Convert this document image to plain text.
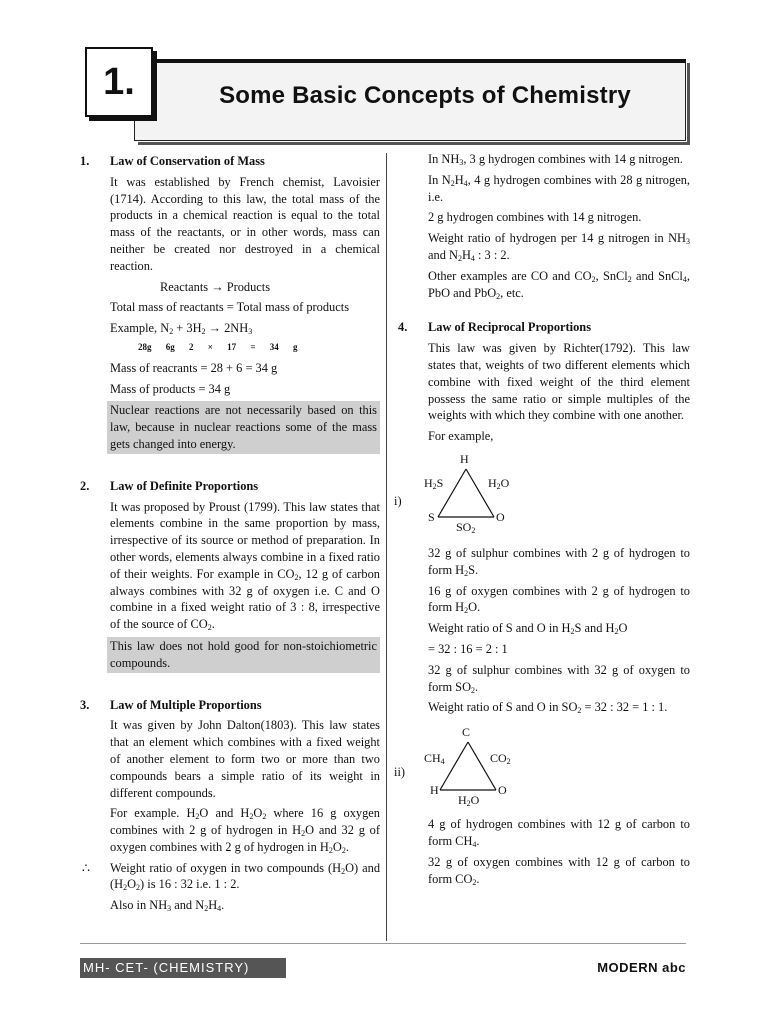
1.	Some Basic Concepts of Chemistry
1.	Law of Conservation of Mass
It was established by French chemist, Lavoisier (1714). According to this law, the total mass of the products in a chemical reaction is equal to the total mass of the reactants, or in other words, mass can neither be created nor destroyed in a chemical reaction.
Reactants → Products
Total mass of reactants = Total mass of products
Example, $N_2 + 3H_2 \to 2NH_3$
28g 6g 2 × 17 = 34 g
Mass of reacrants = 28 + 6 = 34 g
Mass of products = 34 g
Nuclear reactions are not necessarily based on this law, because in nuclear reactions some of the mass gets changed into energy.
2.	Law of Definite Proportions
It was proposed by Proust (1799). This law states that elements combine in the same proportion by mass, irrespective of its source or method of preparation. In other words, elements always combine in a fixed ratio of their weights. For example in $CO_2$, 12 g of carbon always combines with 32 g of oxygen i.e. C and O combine in a fixed weight ratio of 3 : 8, irrespective of the source of $CO_2$.
This law does not hold good for non-stoichiometric compounds.
3.	Law of Multiple Proportions
It was given by John Dalton(1803). This law states that an element which combines with a fixed weight of another element to form two or more than two compounds bears a simple ratio of its weight in different compounds.
For example. $H_2O$ and $H_2O_2$ where 16 g oxygen combines with 2 g of hydrogen in $H_2O$ and 32 g of oxygen combines with 2 g of hydrogen in $H_2O_2$.
∴	Weight ratio of oxygen in two compounds $(H_2O)$ and $(H_2O_2)$ is 16 : 32 i.e. 1 : 2.
Also in $NH_3$ and $N_2H_4$.
In $NH_3$, 3 g hydrogen combines with 14 g nitrogen.
In $N_2H_4$, 4 g hydrogen combines with 28 g nitrogen, i.e.
2 g hydrogen combines with 14 g nitrogen.
Weight ratio of hydrogen per 14 g nitrogen in $NH_3$ and $N_2H_4$ : 3 : 2.
Other examples are CO and $CO_2$, SnCl$_2$ and SnCl$_4$, PbO and PbO$_2$, etc.
4.	Law of Reciprocal Proportions
This law was given by Richter(1792). This law states that, weights of two different elements which combine with fixed weight of the third element possess the same ratio or simple multiples of the weights with which they combine with one another.
For example,
i)
H
$H_2S$	$H_2O$
S	O
$SO_2$
32 g of sulphur combines with 2 g of hydrogen to form $H_2S$.
16 g of oxygen combines with 2 g of hydrogen to form $H_2O$.
Weight ratio of S and O in $H_2S$ and $H_2O$
= 32 : 16 = 2 : 1
32 g of sulphur combines with 32 g of oxygen to form $SO_2$.
Weight ratio of S and O in $SO_2 = 32$ : 32 = 1 : 1.
ii)
C
$CH_4$	$CO_2$
H	O
$H_2O$
4 g of hydrogen combines with 12 g of carbon to form $CH_4$.
32 g of oxygen combines with 12 g of carbon to form $CO_2$.
MH- CET- (CHEMISTRY)	MODERN abc
